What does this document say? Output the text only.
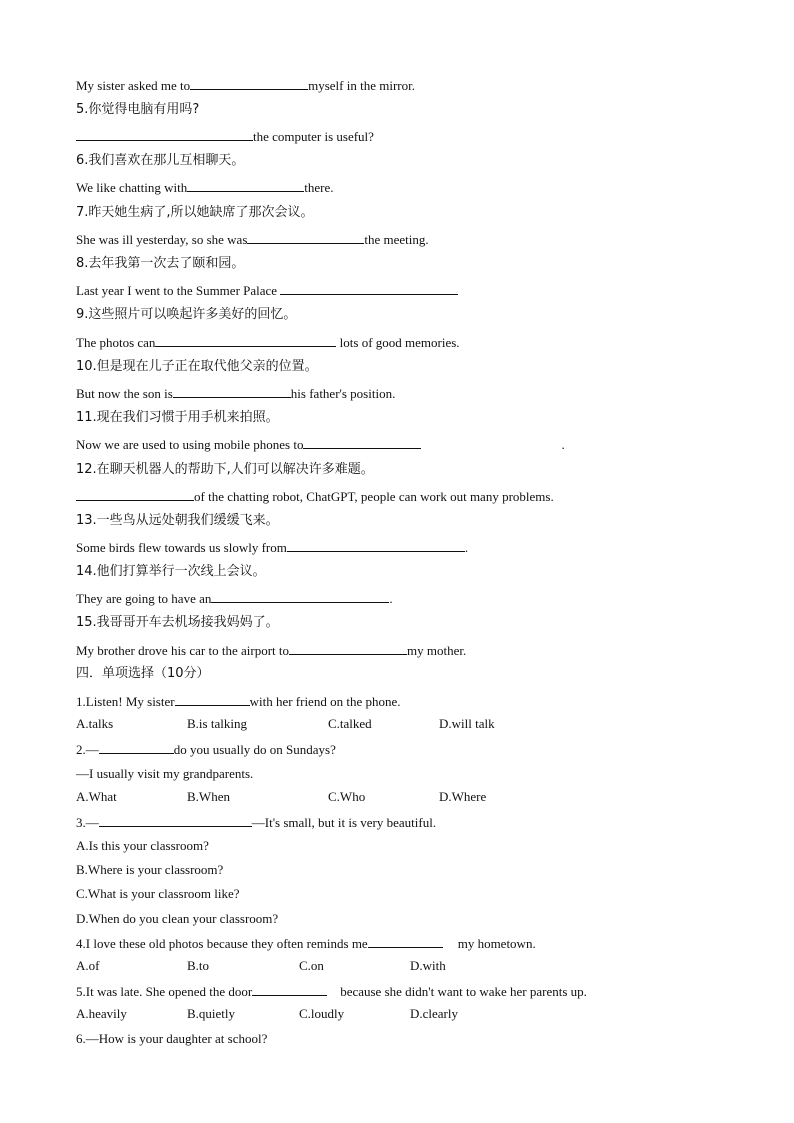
My sister asked me to	myself in the mirror.
5.你觉得电脑有用吗?
the computer is useful?
6.我们喜欢在那儿互相聊天。
We like chatting with	there.
7.昨天她生病了,所以她缺席了那次会议。
She was ill yesterday, so she was	the meeting.
8.去年我第一次去了颐和园。
Last year I went to the Summer Palace
9.这些照片可以唤起许多美好的回忆。
The photos can	lots of good memories.
10.但是现在儿子正在取代他父亲的位置。
But now the son is	his father's position.
11.现在我们习惯于用手机来拍照。
Now we are used to using mobile phones to	.
12.在聊天机器人的帮助下,人们可以解决许多难题。
of the chatting robot, ChatGPT, people can work out many problems.
13.一些鸟从远处朝我们缓缓飞来。
Some birds flew towards us slowly from	.
14.他们打算举行一次线上会议。
They are going to have an	.
15.我哥哥开车去机场接我妈妈了。
My brother drove his car to the airport to	my mother.
四．单项选择（10分）
1.Listen! My sister	with her friend on the phone.
A.talks	B.is talking	C.talked	D.will talk
2.—	do you usually do on Sundays?
—I usually visit my grandparents.
A.What	B.When	C.Who	D.Where
3.—	—It's small, but it is very beautiful.
A.Is this your classroom?
B.Where is your classroom?
C.What is your classroom like?
D.When do you clean your classroom?
4.I love these old photos because they often reminds me	my hometown.
A.of	B.to	C.on	D.with
5.It was late. She opened the door	because she didn't want to wake her parents up.
A.heavily	B.quietly	C.loudly	D.clearly
6.—How is your daughter at school?
